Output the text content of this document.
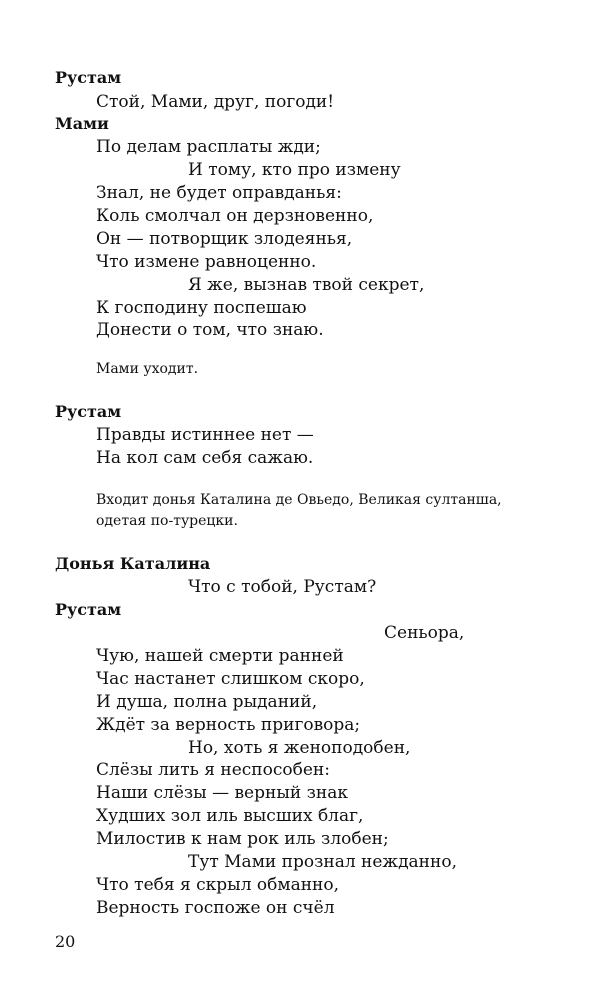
Рустам
Стой, Мами, друг, погоди!
Мами
По делам расплаты жди;
И тому, кто про измену
Знал, не будет оправданья:
Коль смолчал он дерзновенно,
Он — потворщик злодеянья,
Что измене равноценно.
Я же, вызнав твой секрет,
К господину поспешаю
Донести о том, что знаю.
Мами уходит.
Рустам
Правды истиннее нет —
На кол сам себя сажаю.
Входит донья Каталина де Овьедо, Великая султанша,
одетая по-турецки.
Донья Каталина
Что с тобой, Рустам?
Рустам
Сеньора,
Чую, нашей смерти ранней
Час настанет слишком скоро,
И душа, полна рыданий,
Ждёт за верность приговора;
Но, хоть я женоподобен,
Слёзы лить я неспособен:
Наши слёзы — верный знак
Худших зол иль высших благ,
Милостив к нам рок иль злобен;
Тут Мами прознал нежданно,
Что тебя я скрыл обманно,
Верность госпоже он счёл
20
